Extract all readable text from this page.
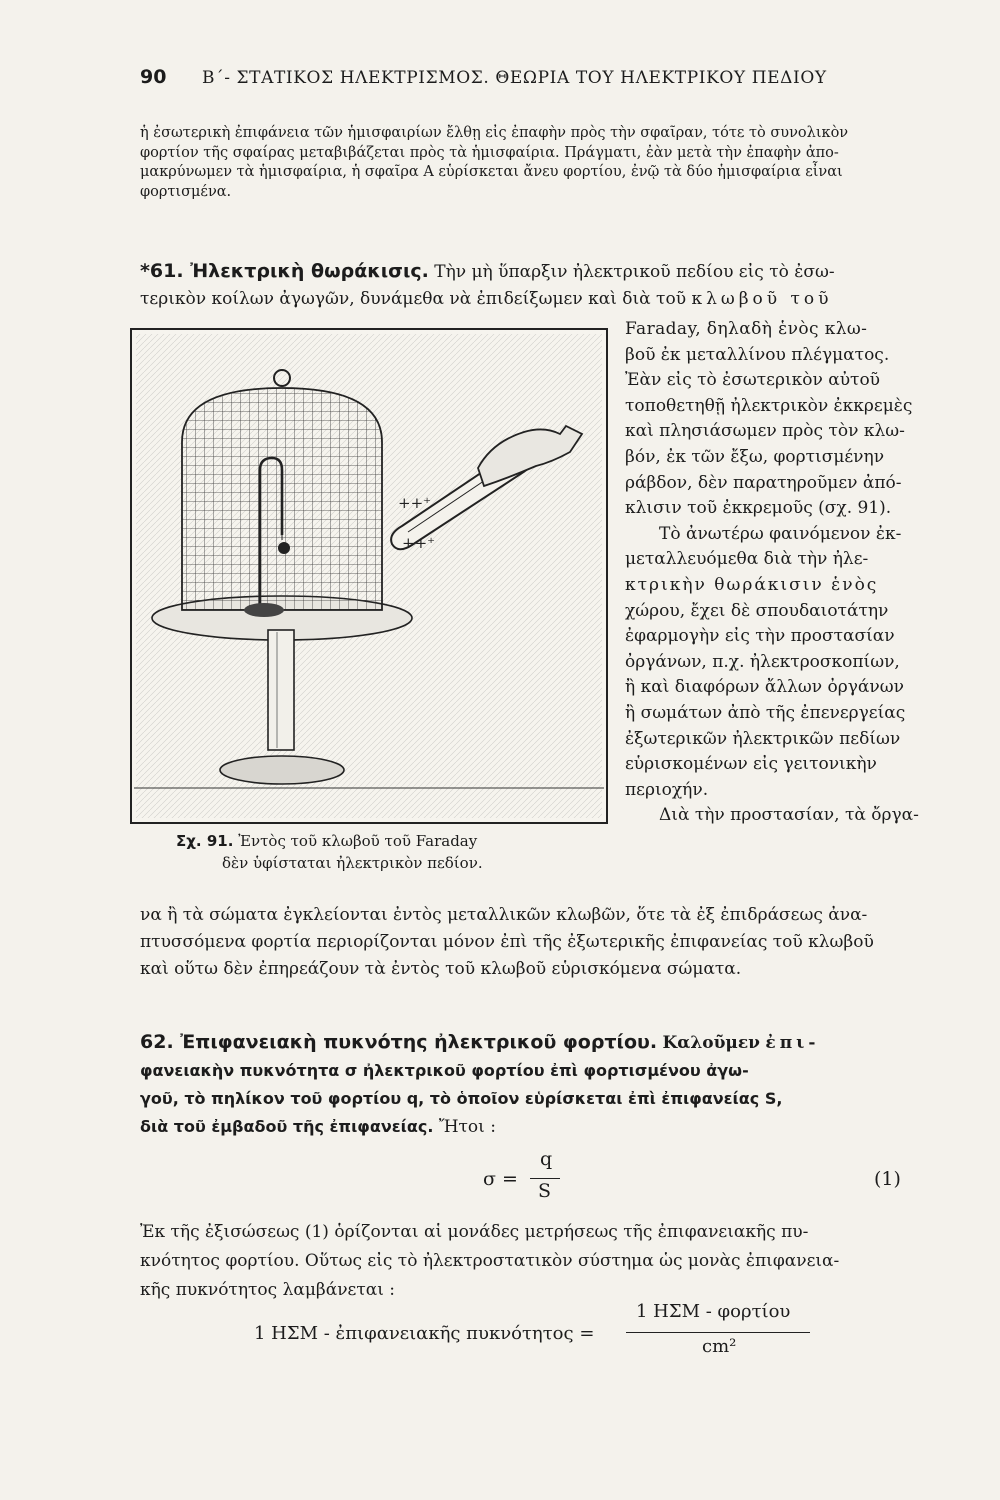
90 Β΄- ΣΤΑΤΙΚΟΣ ΗΛΕΚΤΡΙΣΜΟΣ. ΘΕΩΡΙΑ ΤΟΥ ΗΛΕΚΤΡΙΚΟΥ ΠΕΔΙΟΥ
ἡ ἐσωτερικὴ ἐπιφάνεια τῶν ἡμισφαιρίων ἔλθῃ εἰς ἐπαφὴν πρὸς τὴν σφαῖραν, τότε τὸ συνολικὸν
φορτίον τῆς σφαίρας μεταβιβάζεται πρὸς τὰ ἡμισφαίρια. Πράγματι, ἐὰν μετὰ τὴν ἐπαφὴν ἀπο-
μακρύνωμεν τὰ ἡμισφαίρια, ἡ σφαῖρα Α εὑρίσκεται ἄνευ φορτίου, ἐνῷ τὰ δύο ἡμισφαίρια εἶναι
φορτισμένα.
*61. Ἠλεκτρικὴ θωράκισις. Τὴν μὴ ὕπαρξιν ἠλεκτρικοῦ πεδίου εἰς τὸ ἐσω-
τερικὸν κοίλων ἀγωγῶν, δυνάμεθα νὰ ἐπιδείξωμεν καὶ διὰ τοῦ κλωβοῦ τοῦ
++⁺
++⁺
Σχ. 91. Ἐντὸς τοῦ κλωβοῦ τοῦ Faraday
δὲν ὑφίσταται ἠλεκτρικὸν πεδίον.
Faraday, δηλαδὴ ἑνὸς κλω-
βοῦ ἐκ μεταλλίνου πλέγματος.
Ἐὰν εἰς τὸ ἐσωτερικὸν αὐτοῦ
τοποθετηθῇ ἠλεκτρικὸν ἐκκρεμὲς
καὶ πλησιάσωμεν πρὸς τὸν κλω-
βόν, ἐκ τῶν ἔξω, φορτισμένην
ράβδον, δὲν παρατηροῦμεν ἀπό-
κλισιν τοῦ ἐκκρεμοῦς (σχ. 91).
Τὸ ἀνωτέρω φαινόμενον ἐκ-
μεταλλευόμεθα διὰ τὴν ἠλε-
κτρικὴν θωράκισιν ἑνὸς
χώρου, ἔχει δὲ σπουδαιοτάτην
ἐφαρμογὴν εἰς τὴν προστασίαν
ὀργάνων, π.χ. ἠλεκτροσκοπίων,
ἢ καὶ διαφόρων ἄλλων ὀργάνων
ἢ σωμάτων ἀπὸ τῆς ἐπενεργείας
ἐξωτερικῶν ἠλεκτρικῶν πεδίων
εὑρισκομένων εἰς γειτονικὴν
περιοχήν.
Διὰ τὴν προστασίαν, τὰ ὄργα-
να ἢ τὰ σώματα ἐγκλείονται ἐντὸς μεταλλικῶν κλωβῶν, ὅτε τὰ ἐξ ἐπιδράσεως ἀνα-
πτυσσόμενα φορτία περιορίζονται μόνον ἐπὶ τῆς ἐξωτερικῆς ἐπιφανείας τοῦ κλωβοῦ
καὶ οὕτω δὲν ἐπηρεάζουν τὰ ἐντὸς τοῦ κλωβοῦ εὑρισκόμενα σώματα.
62. Ἐπιφανειακὴ πυκνότης ἠλεκτρικοῦ φορτίου. Καλοῦμεν ἐπι-
φανειακὴν πυκνότητα σ ἠλεκτρικοῦ φορτίου ἐπὶ φορτισμένου ἀγω-
γοῦ, τὸ πηλίκον τοῦ φορτίου q, τὸ ὁποῖον εὑρίσκεται ἐπὶ ἐπιφανείας S,
διὰ τοῦ ἐμβαδοῦ τῆς ἐπιφανείας. Ἤτοι :
σ =
q
S
(1)
Ἐκ τῆς ἐξισώσεως (1) ὁρίζονται αἱ μονάδες μετρήσεως τῆς ἐπιφανειακῆς πυ-
κνότητος φορτίου. Οὕτως εἰς τὸ ἠλεκτροστατικὸν σύστημα ὡς μονὰς ἐπιφανεια-
κῆς πυκνότητος λαμβάνεται :
1 ΗΣΜ - ἐπιφανειακῆς πυκνότητος =
1 ΗΣΜ - φορτίου
cm²
